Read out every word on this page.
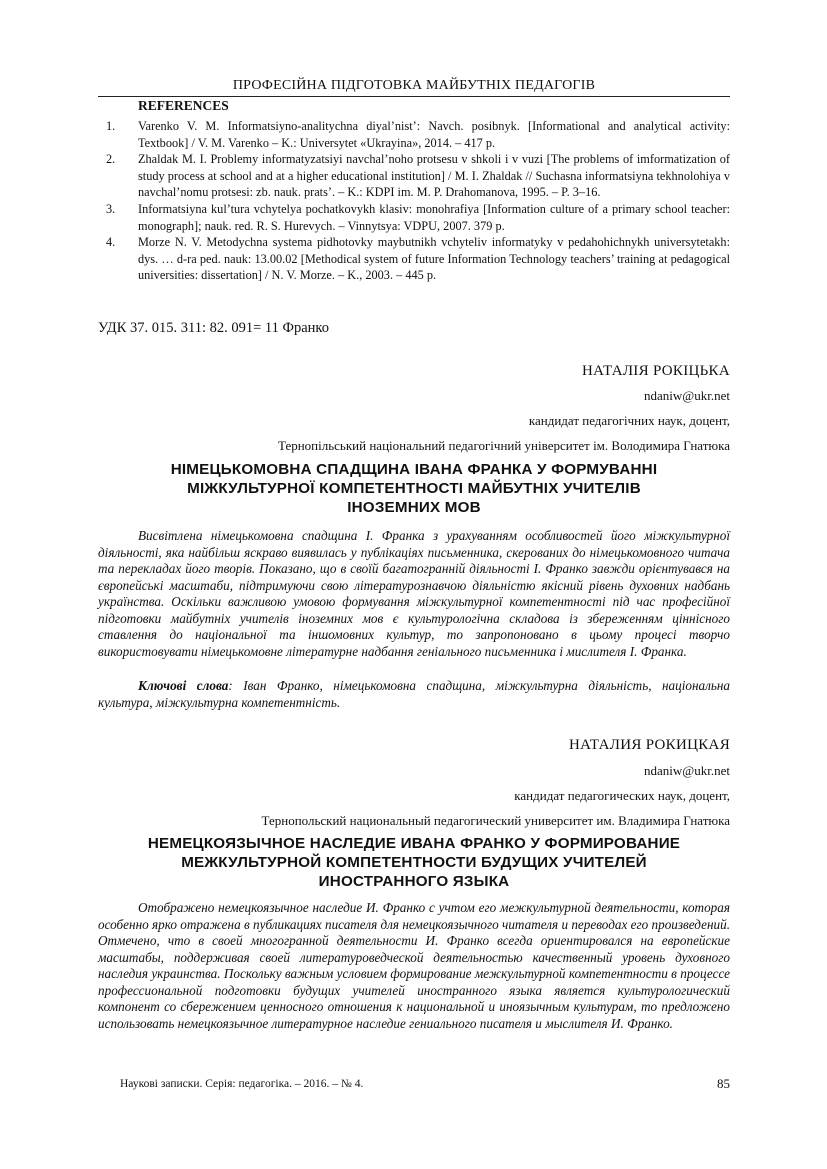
ПРОФЕСІЙНА ПІДГОТОВКА МАЙБУТНІХ ПЕДАГОГІВ
REFERENCES
1. Varenko V. M. Informatsiyno-analitychna diyal’nist’: Navch. posibnyk. [Informational and analytical activity: Textbook] / V. M. Varenko – K.: Universytet «Ukrayina», 2014. – 417 p.
2. Zhaldak M. I. Problemy informatyzatsiyi navchal’noho protsesu v shkoli i v vuzi [The problems of imformatization of study process at school and at a higher educational institution] / M. I. Zhaldak // Suchasna informatsiyna tekhnolohiya v navchal’nomu protsesi: zb. nauk. prats’. – K.: KDPI im. M. P. Drahomanova, 1995. – P. 3–16.
3. Informatsiyna kul’tura vchytelya pochatkovykh klasiv: monohrafiya [Information culture of a primary school teacher: monograph]; nauk. red. R. S. Hurevych. – Vinnytsya: VDPU, 2007. 379 p.
4. Morze N. V. Metodychna systema pidhotovky maybutnikh vchyteliv informatyky v pedahohichnykh universytetakh: dys. … d-ra ped. nauk: 13.00.02 [Methodical system of future Information Technology teachers’ training at pedagogical universities: dissertation] / N. V. Morze. – K., 2003. – 445 p.
УДК 37. 015. 311: 82. 091= 11 Франко
НАТАЛІЯ РОКІЦЬКА
ndaniw@ukr.net
кандидат педагогічних наук, доцент,
Тернопільський національний педагогічний університет ім. Володимира Гнатюка
НІМЕЦЬКОМОВНА СПАДЩИНА ІВАНА ФРАНКА У ФОРМУВАННІ
МІЖКУЛЬТУРНОЇ КОМПЕТЕНТНОСТІ МАЙБУТНІХ УЧИТЕЛІВ
ІНОЗЕМНИХ МОВ

Висвітлена німецькомовна спадщина І. Франка з урахуванням особливостей його міжкультурної діяльності, яка найбільш яскраво виявилась у публікаціях письменника, скерованих до німецькомовного читача та перекладах його творів. Показано, що в своїй багатогранній діяльності І. Франко завжди орієнтувався на європейські масштаби, підтримуючи свою літературознавчою діяльністю якісний рівень духовних надбань українства. Оскільки важливою умовою формування міжкультурної компетентності під час професійної підготовки майбутніх учителів іноземних мов є культурологічна складова із збереженням ціннісного ставлення до національної та іншомовних культур, то запропоновано в цьому процесі творчо використовувати німецькомовне літературне надбання геніального письменника і мислителя І. Франка.

Ключові слова: Іван Франко, німецькомовна спадщина, міжкультурна діяльність, національна культура, міжкультурна компетентність.

НАТАЛИЯ РОКИЦКАЯ
ndaniw@ukr.net
кандидат педагогических наук, доцент,
Тернопольский национальный педагогический университет им. Владимира Гнатюка
НЕМЕЦКОЯЗЫЧНОЕ НАСЛЕДИЕ ИВАНА ФРАНКО У ФОРМИРОВАНИЕ
МЕЖКУЛЬТУРНОЙ КОМПЕТЕНТНОСТИ БУДУЩИХ УЧИТЕЛЕЙ
ИНОСТРАННОГО ЯЗЫКА

Отображено немецкоязычное наследие И. Франко с учтом его межкультурной деятельности, которая особенно ярко отражена в публикациях писателя для немецкоязычного читателя и переводах его произведений. Отмечено, что в своей многогранной деятельности И. Франко всегда ориентировался на европейские масштабы, поддерживая своей литературоведческой деятельностью качественный уровень духовного наследия украинства. Поскольку важным условием формирование межкультурной компетентности в процессе профессиональной подготовки будущих учителей иностранного языка является культурологический компонент со сбережением ценносного отношения к национальной и иноязычным культурам, то предложено использовать немецкоязычное литературное наследие гениального писателя и мыслителя И. Франко.

Наукові записки. Серія: педагогіка. – 2016. – № 4.	85
